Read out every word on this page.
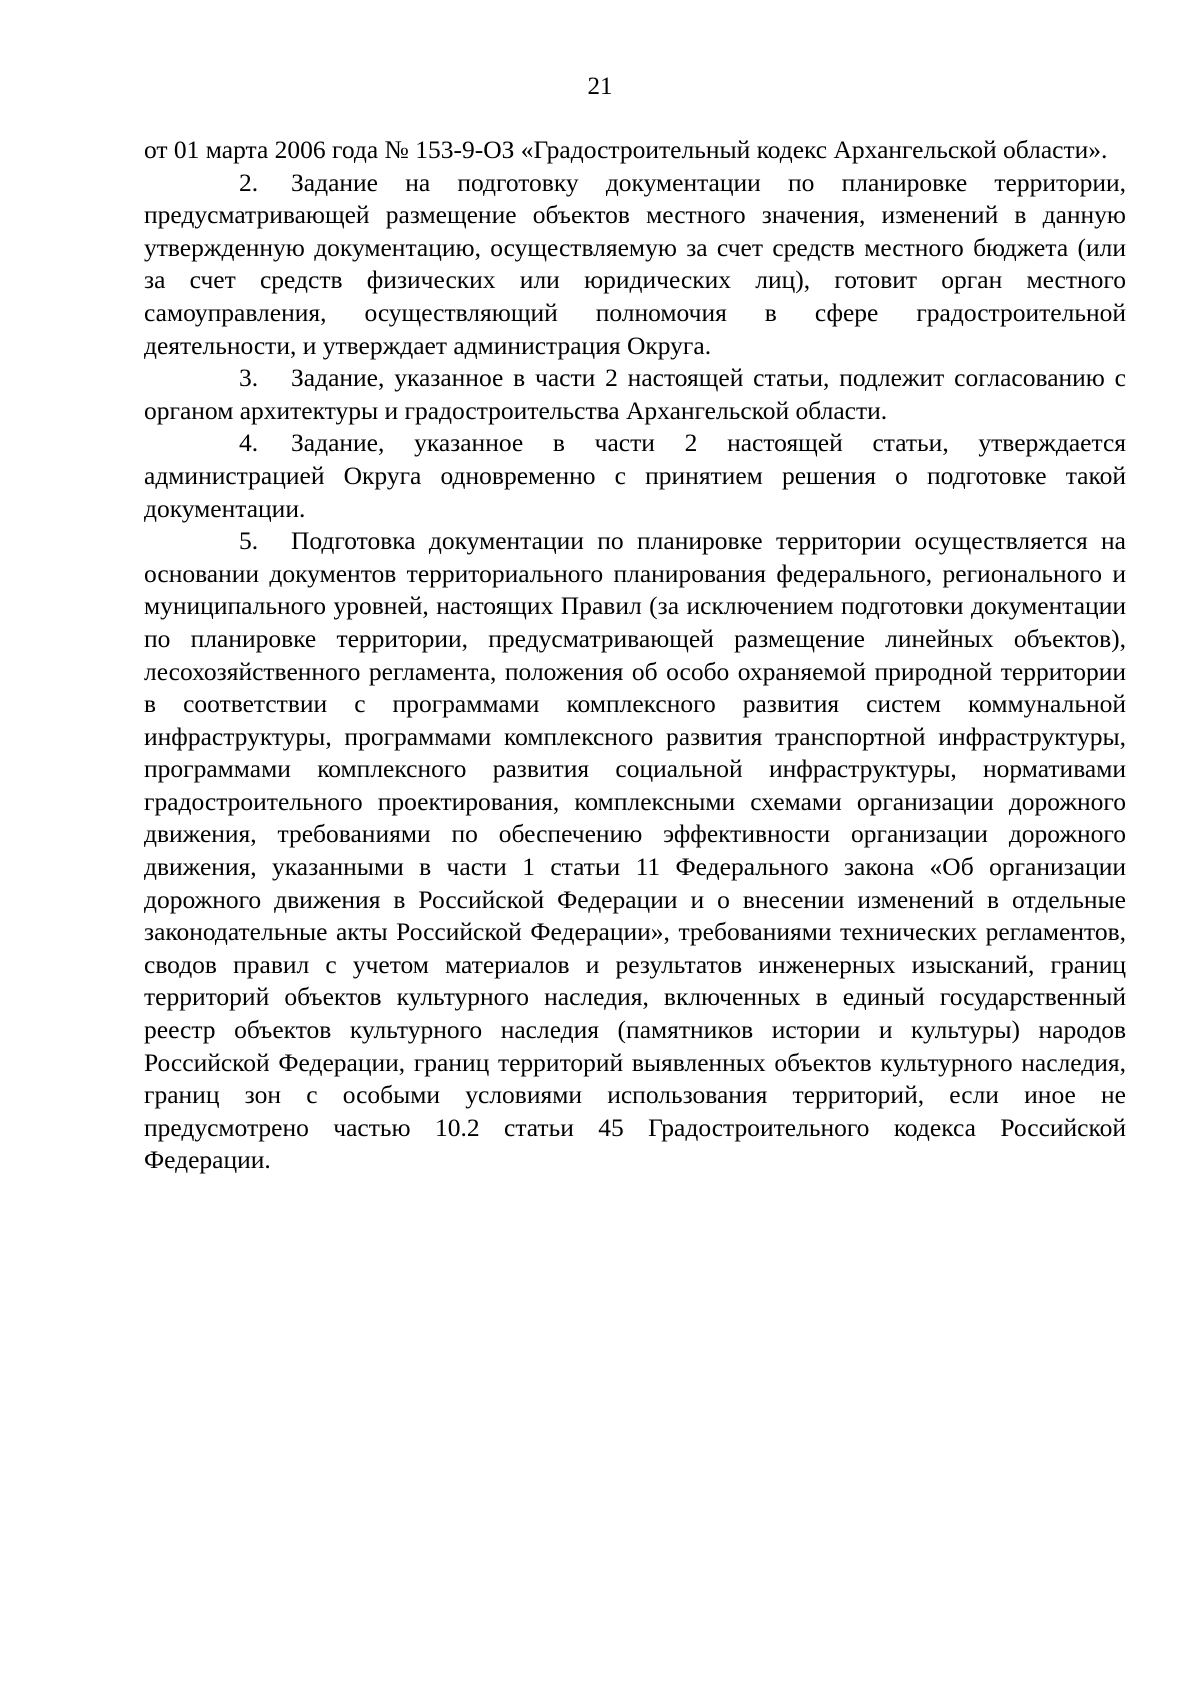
21

от 01 марта 2006 года № 153-9-ОЗ «Градостроительный кодекс Архангельской области».

2. Задание на подготовку документации по планировке территории, предусматривающей размещение объектов местного значения, изменений в данную утвержденную документацию, осуществляемую за счет средств местного бюджета (или за счет средств физических или юридических лиц), готовит орган местного самоуправления, осуществляющий полномочия в сфере градостроительной деятельности, и утверждает администрация Округа.

3. Задание, указанное в части 2 настоящей статьи, подлежит согласованию с органом архитектуры и градостроительства Архангельской области.

4. Задание, указанное в части 2 настоящей статьи, утверждается администрацией Округа одновременно с принятием решения о подготовке такой документации.

5. Подготовка документации по планировке территории осуществляется на основании документов территориального планирования федерального, регионального и муниципального уровней, настоящих Правил (за исключением подготовки документации по планировке территории, предусматривающей размещение линейных объектов), лесохозяйственного регламента, положения об особо охраняемой природной территории в соответствии с программами комплексного развития систем коммунальной инфраструктуры, программами комплексного развития транспортной инфраструктуры, программами комплексного развития социальной инфраструктуры, нормативами градостроительного проектирования, комплексными схемами организации дорожного движения, требованиями по обеспечению эффективности организации дорожного движения, указанными в части 1 статьи 11 Федерального закона «Об организации дорожного движения в Российской Федерации и о внесении изменений в отдельные законодательные акты Российской Федерации», требованиями технических регламентов, сводов правил с учетом материалов и результатов инженерных изысканий, границ территорий объектов культурного наследия, включенных в единый государственный реестр объектов культурного наследия (памятников истории и культуры) народов Российской Федерации, границ территорий выявленных объектов культурного наследия, границ зон с особыми условиями использования территорий, если иное не предусмотрено частью 10.2 статьи 45 Градостроительного кодекса Российской Федерации.
